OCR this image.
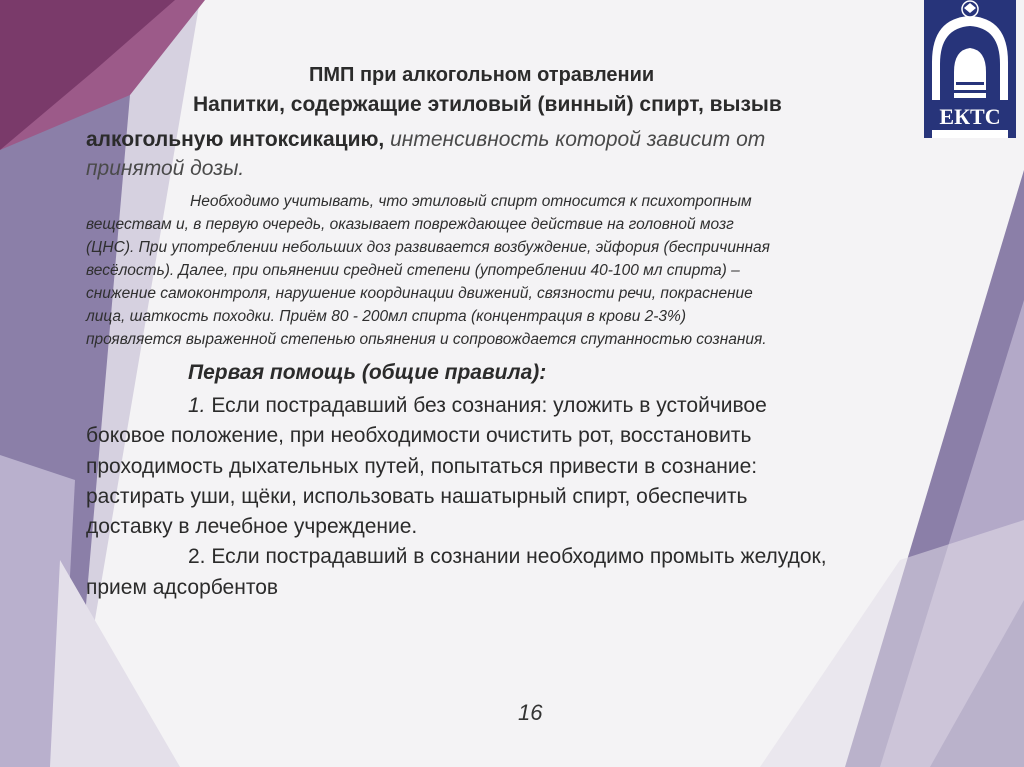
ПМП при алкогольном отравлении
Напитки, содержащие этиловый (винный) спирт, вызыв
алкогольную интоксикацию, интенсивность которой зависит от
принятой дозы.
Необходимо учитывать, что этиловый спирт относится к психотропным
веществам и, в первую очередь, оказывает повреждающее действие на головной мозг
(ЦНС). При употреблении небольших доз развивается возбуждение, эйфория (беспричинная
весёлость). Далее, при опьянении средней степени (употреблении 40-100 мл спирта) –
снижение самоконтроля, нарушение координации движений, связности речи, покраснение
лица, шаткость походки. Приём 80 - 200мл спирта (концентрация в крови 2-3%)
проявляется выраженной степенью опьянения и сопровождается спутанностью сознания.
Первая помощь (общие правила):
1. Если пострадавший без сознания: уложить в устойчивое
боковое положение, при необходимости очистить рот, восстановить
проходимость дыхательных путей, попытаться привести в сознание:
растирать уши, щёки, использовать нашатырный спирт, обеспечить
доставку в лечебное учреждение.
2. Если пострадавший в сознании необходимо промыть желудок,
прием адсорбентов
16
ЕКТС
